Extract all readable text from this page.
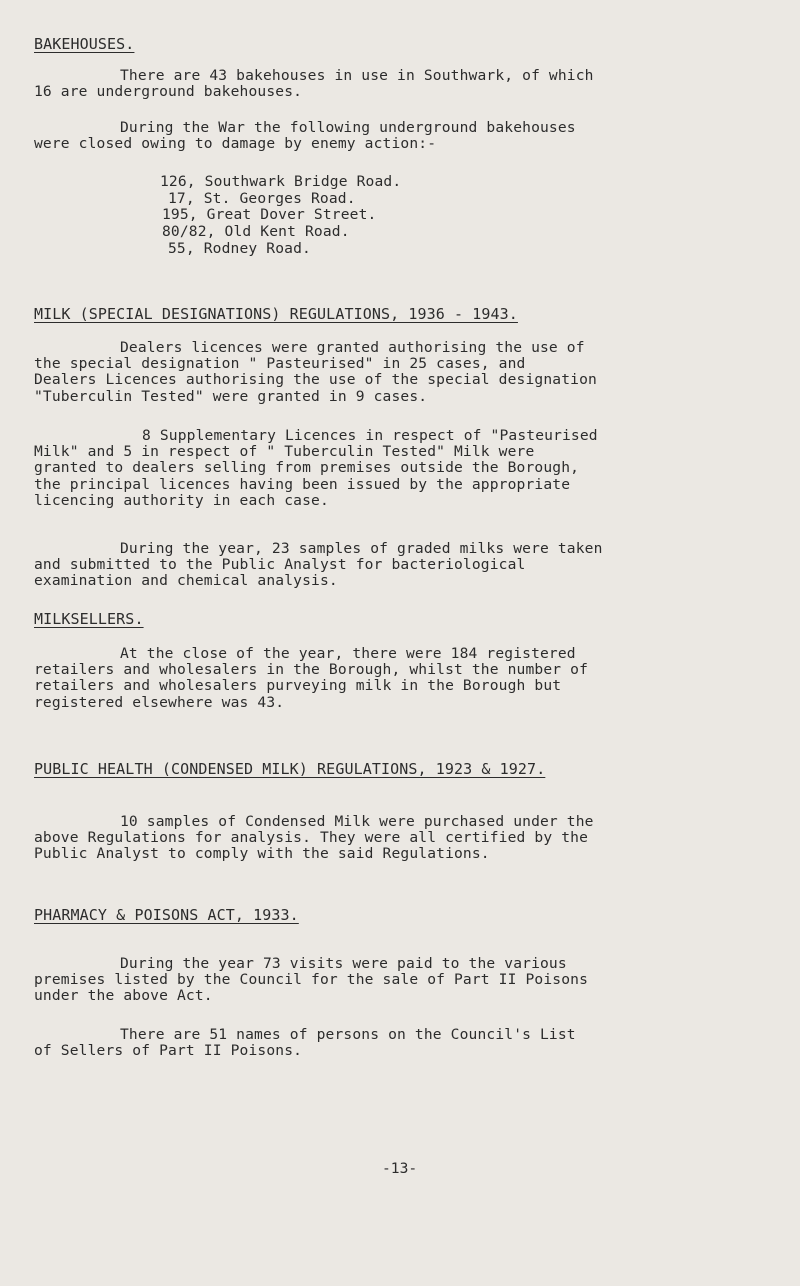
BAKEHOUSES.
There are 43 bakehouses in use in Southwark, of which
16 are underground bakehouses.
During the War the following underground bakehouses
were closed owing to damage by enemy action:-
126, Southwark Bridge Road.
17, St. Georges Road.
195, Great Dover Street.
80/82, Old Kent Road.
55, Rodney Road.
MILK (SPECIAL DESIGNATIONS) REGULATIONS, 1936 - 1943.
Dealers licences were granted authorising the use of
the special designation " Pasteurised" in 25 cases, and
Dealers Licences authorising the use of the special designation
"Tuberculin Tested" were granted in 9 cases.
8 Supplementary Licences in respect of "Pasteurised
Milk" and 5 in respect of " Tuberculin Tested" Milk were
granted to dealers selling from premises outside the Borough,
the principal licences having been issued by the appropriate
licencing authority in each case.
During the year, 23 samples of graded milks were taken
and submitted to the Public Analyst for bacteriological
examination and chemical analysis.
MILKSELLERS.
At the close of the year, there were 184 registered
retailers and wholesalers in the Borough, whilst the number of
retailers and wholesalers purveying milk in the Borough but
registered elsewhere was 43.
PUBLIC HEALTH (CONDENSED MILK) REGULATIONS, 1923 & 1927.
10 samples of Condensed Milk were purchased under the
above Regulations for analysis. They were all certified by the
Public Analyst to comply with the said Regulations.
PHARMACY & POISONS ACT, 1933.
During the year 73 visits were paid to the various
premises listed by the Council for the sale of Part II Poisons
under the above Act.
There are 51 names of persons on the Council's List
of Sellers of Part II Poisons.
-13-
